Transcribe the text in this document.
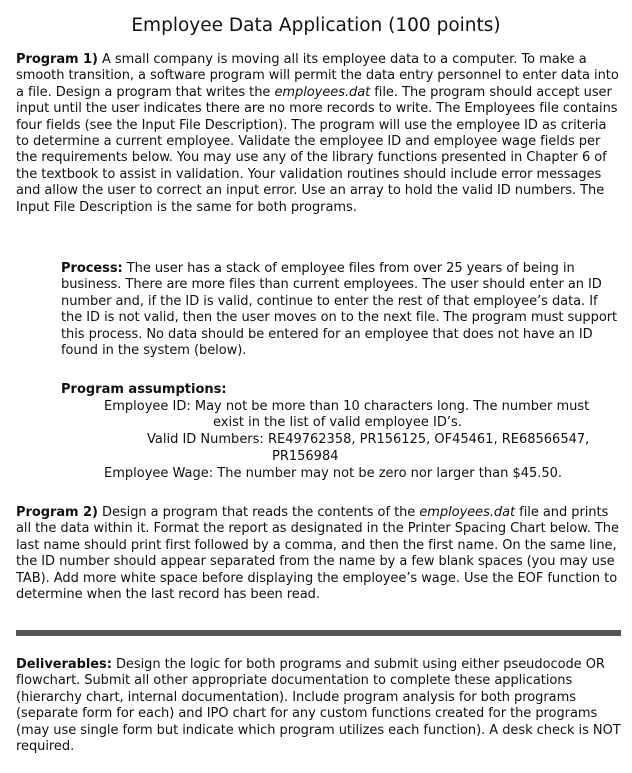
Employee Data Application (100 points)

Program 1) A small company is moving all its employee data to a computer. To make a smooth transition, a software program will permit the data entry personnel to enter data into a file. Design a program that writes the employees.dat file. The program should accept user input until the user indicates there are no more records to write. The Employees file contains four fields (see the Input File Description). The program will use the employee ID as criteria to determine a current employee. Validate the employee ID and employee wage fields per the requirements below. You may use any of the library functions presented in Chapter 6 of the textbook to assist in validation. Your validation routines should include error messages and allow the user to correct an input error. Use an array to hold the valid ID numbers. The Input File Description is the same for both programs.

Process: The user has a stack of employee files from over 25 years of being in business. There are more files than current employees. The user should enter an ID number and, if the ID is valid, continue to enter the rest of that employee’s data. If the ID is not valid, then the user moves on to the next file. The program must support this process. No data should be entered for an employee that does not have an ID found in the system (below).

Program assumptions:
Employee ID: May not be more than 10 characters long. The number must
exist in the list of valid employee ID’s.
Valid ID Numbers: RE49762358, PR156125, OF45461, RE68566547,
PR156984
Employee Wage: The number may not be zero nor larger than $45.50.

Program 2) Design a program that reads the contents of the employees.dat file and prints all the data within it. Format the report as designated in the Printer Spacing Chart below. The last name should print first followed by a comma, and then the first name. On the same line, the ID number should appear separated from the name by a few blank spaces (you may use TAB). Add more white space before displaying the employee’s wage. Use the EOF function to determine when the last record has been read.

Deliverables: Design the logic for both programs and submit using either pseudocode OR flowchart. Submit all other appropriate documentation to complete these applications (hierarchy chart, internal documentation). Include program analysis for both programs (separate form for each) and IPO chart for any custom functions created for the programs (may use single form but indicate which program utilizes each function). A desk check is NOT required.
